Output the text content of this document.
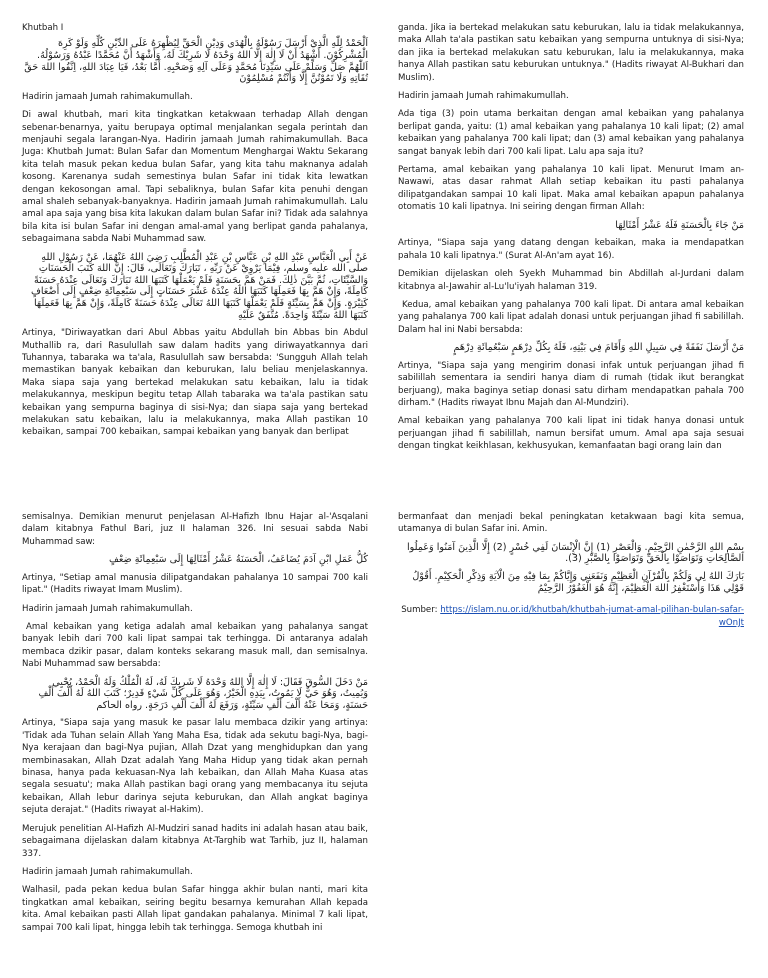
Khutbah I

اَلْحَمْدُ لِلّٰهِ الَّذِيْ أَرْسَلَ رَسُوْلَهُ بِالْهُدَى وَدِيْنِ الْحَقِّ لِيُظْهِرَهُ عَلَى الدِّيْنِ كُلِّهِ وَلَوْ كَرِهَ الْمُشْرِكُوْنَ. أَشْهَدُ أَنْ لَا إِلٰهَ إِلَّا اللهُ وَحْدَهُ لَا شَرِيْكَ لَهُ، وَأَشْهَدُ أَنَّ مُحَمَّدًا عَبْدُهُ وَرَسُوْلُهُ. اَللّٰهُمَّ صَلِّ وَسَلِّمْ عَلَى سَيِّدِنَا مُحَمَّدٍ وَعَلَى آلِهِ وَصَحْبِهِ. أَمَّا بَعْدُ، فَيَا عِبَادَ اللهِ، اِتَّقُوا اللهَ حَقَّ تُقَاتِهِ وَلَا تَمُوْتُنَّ إِلَّا وَأَنْتُمْ مُسْلِمُوْنَ

Hadirin jamaah Jumah rahimakumullah.

Di awal khutbah, mari kita tingkatkan ketakwaan terhadap Allah dengan sebenar-benarnya, yaitu berupaya optimal menjalankan segala perintah dan menjauhi segala larangan-Nya. Hadirin jamaah Jumah rahimakumullah. Baca Juga: Khutbah Jumat: Bulan Safar dan Momentum Menghargai Waktu Sekarang kita telah masuk pekan kedua bulan Safar, yang kita tahu maknanya adalah kosong. Karenanya sudah semestinya bulan Safar ini tidak kita lewatkan dengan kekosongan amal. Tapi sebaliknya, bulan Safar kita penuhi dengan amal shaleh sebanyak-banyaknya. Hadirin jamaah Jumah rahimakumullah. Lalu amal apa saja yang bisa kita lakukan dalam bulan Safar ini? Tidak ada salahnya bila kita isi bulan Safar ini dengan amal-amal yang berlipat ganda pahalanya, sebagaimana sabda Nabi Muhammad saw.

عَنْ أَبِي الْعَبَّاسِ عَبْدِ اللهِ بْنِ عَبَّاسِ بْنِ عَبْدِ الْمُطَّلِبِ رَضِيَ اللهُ عَنْهُمَا، عَنْ رَسُوْلِ اللهِ صلى الله عليه وسلم، فِيْمَا يَرْوِيْ عَنْ رَبِّهِ ، تَبَارَكَ وَتَعَالَى، قَالَ: إِنَّ اللهَ كَتَبَ الْحَسَنَاتِ وَالسَّيِّئَاتِ، ثُمَّ بَيَّنَ ذٰلِكَ. فَمَنْ هَمَّ بِحَسَنَةٍ فَلَمْ يَعْمَلْهَا كَتَبَهَا اللهُ تَبَارَكَ وَتَعَالَى عِنْدَهُ حَسَنَةً كَامِلَةً، وَإِنْ هَمَّ بِهَا فَعَمِلَهَا كَتَبَهَا اللهُ عِنْدَهُ عَشْرَ حَسَنَاتٍ إِلَى سَبْعِمِائَةِ ضِعْفٍ إِلَى أَضْعَافٍ كَثِيْرَةٍ. وَإِنْ هَمَّ بِسَيِّئَةٍ فَلَمْ يَعْمَلْهَا كَتَبَهَا اللهُ تَعَالَى عِنْدَهُ حَسَنَةً كَامِلَةً، وَإِنْ هَمَّ بِهَا فَعَمِلَهَا كَتَبَهَا اللهُ سَيِّئَةً وَاحِدَةً. مُتَّفَقٌ عَلَيْهِ

Artinya, "Diriwayatkan dari Abul Abbas yaitu Abdullah bin Abbas bin Abdul Muthallib ra, dari Rasulullah saw dalam hadits yang diriwayatkannya dari Tuhannya, tabaraka wa ta'ala, Rasulullah saw bersabda: 'Sungguh Allah telah memastikan banyak kebaikan dan keburukan, lalu beliau menjelaskannya. Maka siapa saja yang bertekad melakukan satu kebaikan, lalu ia tidak melakukannya, meskipun begitu tetap Allah tabaraka wa ta'ala pastikan satu kebaikan yang sempurna baginya di sisi-Nya; dan siapa saja yang bertekad melakukan satu kebaikan, lalu ia melakukannya, maka Allah pastikan 10 kebaikan, sampai 700 kebaikan, sampai kebaikan yang banyak dan berlipat

ganda. Jika ia bertekad melakukan satu keburukan, lalu ia tidak melakukannya, maka Allah ta'ala pastikan satu kebaikan yang sempurna untuknya di sisi-Nya; dan jika ia bertekad melakukan satu keburukan, lalu ia melakukannya, maka hanya Allah pastikan satu keburukan untuknya." (Hadits riwayat Al-Bukhari dan Muslim).

Hadirin jamaah Jumah rahimakumullah.

Ada tiga (3) poin utama berkaitan dengan amal kebaikan yang pahalanya berlipat ganda, yaitu: (1) amal kebaikan yang pahalanya 10 kali lipat; (2) amal kebaikan yang pahalanya 700 kali lipat; dan (3) amal kebaikan yang pahalanya sangat banyak lebih dari 700 kali lipat. Lalu apa saja itu?

Pertama, amal kebaikan yang pahalanya 10 kali lipat. Menurut Imam an-Nawawi, atas dasar rahmat Allah setiap kebaikan itu pasti pahalanya dilipatgandakan sampai 10 kali lipat. Maka amal kebaikan apapun pahalanya otomatis 10 kali lipatnya. Ini seiring dengan firman Allah:

مَنْ جَاءَ بِالْحَسَنَةِ فَلَهُ عَشْرُ أَمْثَالِهَا

Artinya, "Siapa saja yang datang dengan kebaikan, maka ia mendapatkan pahala 10 kali lipatnya." (Surat Al-An'am ayat 16).

Demikian dijelaskan oleh Syekh Muhammad bin Abdillah al-Jurdani dalam kitabnya al-Jawahir al-Lu'lu'iyah halaman 319.

Kedua, amal kebaikan yang pahalanya 700 kali lipat. Di antara amal kebaikan yang pahalanya 700 kali lipat adalah donasi untuk perjuangan jihad fi sabilillah. Dalam hal ini Nabi bersabda:

مَنْ أَرْسَلَ نَفَقَةً فِي سَبِيلِ اللهِ وَأَقَامَ فِي بَيْتِهِ، فَلَهُ بِكُلِّ دِرْهَمٍ سَبْعُمِائَةِ دِرْهَمٍ

Artinya, "Siapa saja yang mengirim donasi infak untuk perjuangan jihad fi sabilillah sementara ia sendiri hanya diam di rumah (tidak ikut berangkat berjuang), maka baginya setiap donasi satu dirham mendapatkan pahala 700 dirham." (Hadits riwayat Ibnu Majah dan Al-Mundziri).

Amal kebaikan yang pahalanya 700 kali lipat ini tidak hanya donasi untuk perjuangan jihad fi sabilillah, namun bersifat umum. Amal apa saja sesuai dengan tingkat keikhlasan, kekhusyukan, kemanfaatan bagi orang lain dan

semisalnya. Demikian menurut penjelasan Al-Hafizh Ibnu Hajar al-'Asqalani dalam kitabnya Fathul Bari, juz II halaman 326. Ini sesuai sabda Nabi Muhammad saw:

كُلُّ عَمَلِ ابْنِ آدَمَ يُضَاعَفُ، الْحَسَنَةُ عَشْرُ أَمْثَالِهَا إِلَى سَبْعِمِائَةِ ضِعْفٍ

Artinya, "Setiap amal manusia dilipatgandakan pahalanya 10 sampai 700 kali lipat." (Hadits riwayat Imam Muslim).

Hadirin jamaah Jumah rahimakumullah.

Amal kebaikan yang ketiga adalah amal kebaikan yang pahalanya sangat banyak lebih dari 700 kali lipat sampai tak terhingga. Di antaranya adalah membaca dzikir pasar, dalam konteks sekarang masuk mall, dan semisalnya. Nabi Muhammad saw bersabda:

مَنْ دَخَلَ السُّوقَ فَقَالَ: لَا إِلٰهَ إِلَّا اللهُ وَحْدَهُ لَا شَرِيكَ لَهُ، لَهُ الْمُلْكُ وَلَهُ الْحَمْدُ، يُحْيِي وَيُمِيتُ، وَهُوَ حَيٌّ لَا يَمُوتُ، بِيَدِهِ الْخَيْرُ، وَهُوَ عَلَى كُلِّ شَيْءٍ قَدِيرٌ؛ كَتَبَ اللهُ لَهُ أَلْفَ أَلْفِ حَسَنَةٍ، وَمَحَا عَنْهُ أَلْفَ أَلْفِ سَيِّئَةٍ، وَرَفَعَ لَهُ أَلْفَ أَلْفِ دَرَجَةٍ. رواه الحاكم

Artinya, "Siapa saja yang masuk ke pasar lalu membaca dzikir yang artinya: 'Tidak ada Tuhan selain Allah Yang Maha Esa, tidak ada sekutu bagi-Nya, bagi-Nya kerajaan dan bagi-Nya pujian, Allah Dzat yang menghidupkan dan yang membinasakan, Allah Dzat adalah Yang Maha Hidup yang tidak akan pernah binasa, hanya pada kekuasan-Nya lah kebaikan, dan Allah Maha Kuasa atas segala sesuatu'; maka Allah pastikan bagi orang yang membacanya itu sejuta kebaikan, Allah lebur darinya sejuta keburukan, dan Allah angkat baginya sejuta derajat." (Hadits riwayat al-Hakim).

Merujuk penelitian Al-Hafizh Al-Mudziri sanad hadits ini adalah hasan atau baik, sebagaimana dijelaskan dalam kitabnya At-Targhib wat Tarhib, juz II, halaman 337.

Hadirin jamaah Jumah rahimakumullah.

Walhasil, pada pekan kedua bulan Safar hingga akhir bulan nanti, mari kita tingkatkan amal kebaikan, seiring begitu besarnya kemurahan Allah kepada kita. Amal kebaikan pasti Allah lipat gandakan pahalanya. Minimal 7 kali lipat, sampai 700 kali lipat, hingga lebih tak terhingga. Semoga khutbah ini

bermanfaat dan menjadi bekal peningkatan ketakwaan bagi kita semua, utamanya di bulan Safar ini. Amin.

بِسْمِ اللهِ الرَّحْمٰنِ الرَّحِيْمِ. وَالْعَصْرِ (1) إِنَّ الْإِنْسَانَ لَفِي خُسْرٍ (2) إِلَّا الَّذِينَ آمَنُوا وَعَمِلُوا الصَّالِحَاتِ وَتَوَاصَوْا بِالْحَقِّ وَتَوَاصَوْا بِالصَّبْرِ (3).

بَارَكَ اللهُ لِي وَلَكُمْ بِالْقُرْآنِ الْعَظِيْمِ وَنَفَعَنِي وَإِيَّاكُمْ بِمَا فِيْهِ مِنَ الْآيَةِ وَذِكْرِ الْحَكِيْمِ. أَقُوْلُ قَوْلِي هَذَا وَأَسْتَغْفِرُ اللهَ الْعَظِيْمَ، إِنَّهُ هُوَ الْغَفُوْرُ الرَّحِيْمُ

Sumber: https://islam.nu.or.id/khutbah/khutbah-jumat-amal-pilihan-bulan-safar-wOnJt
